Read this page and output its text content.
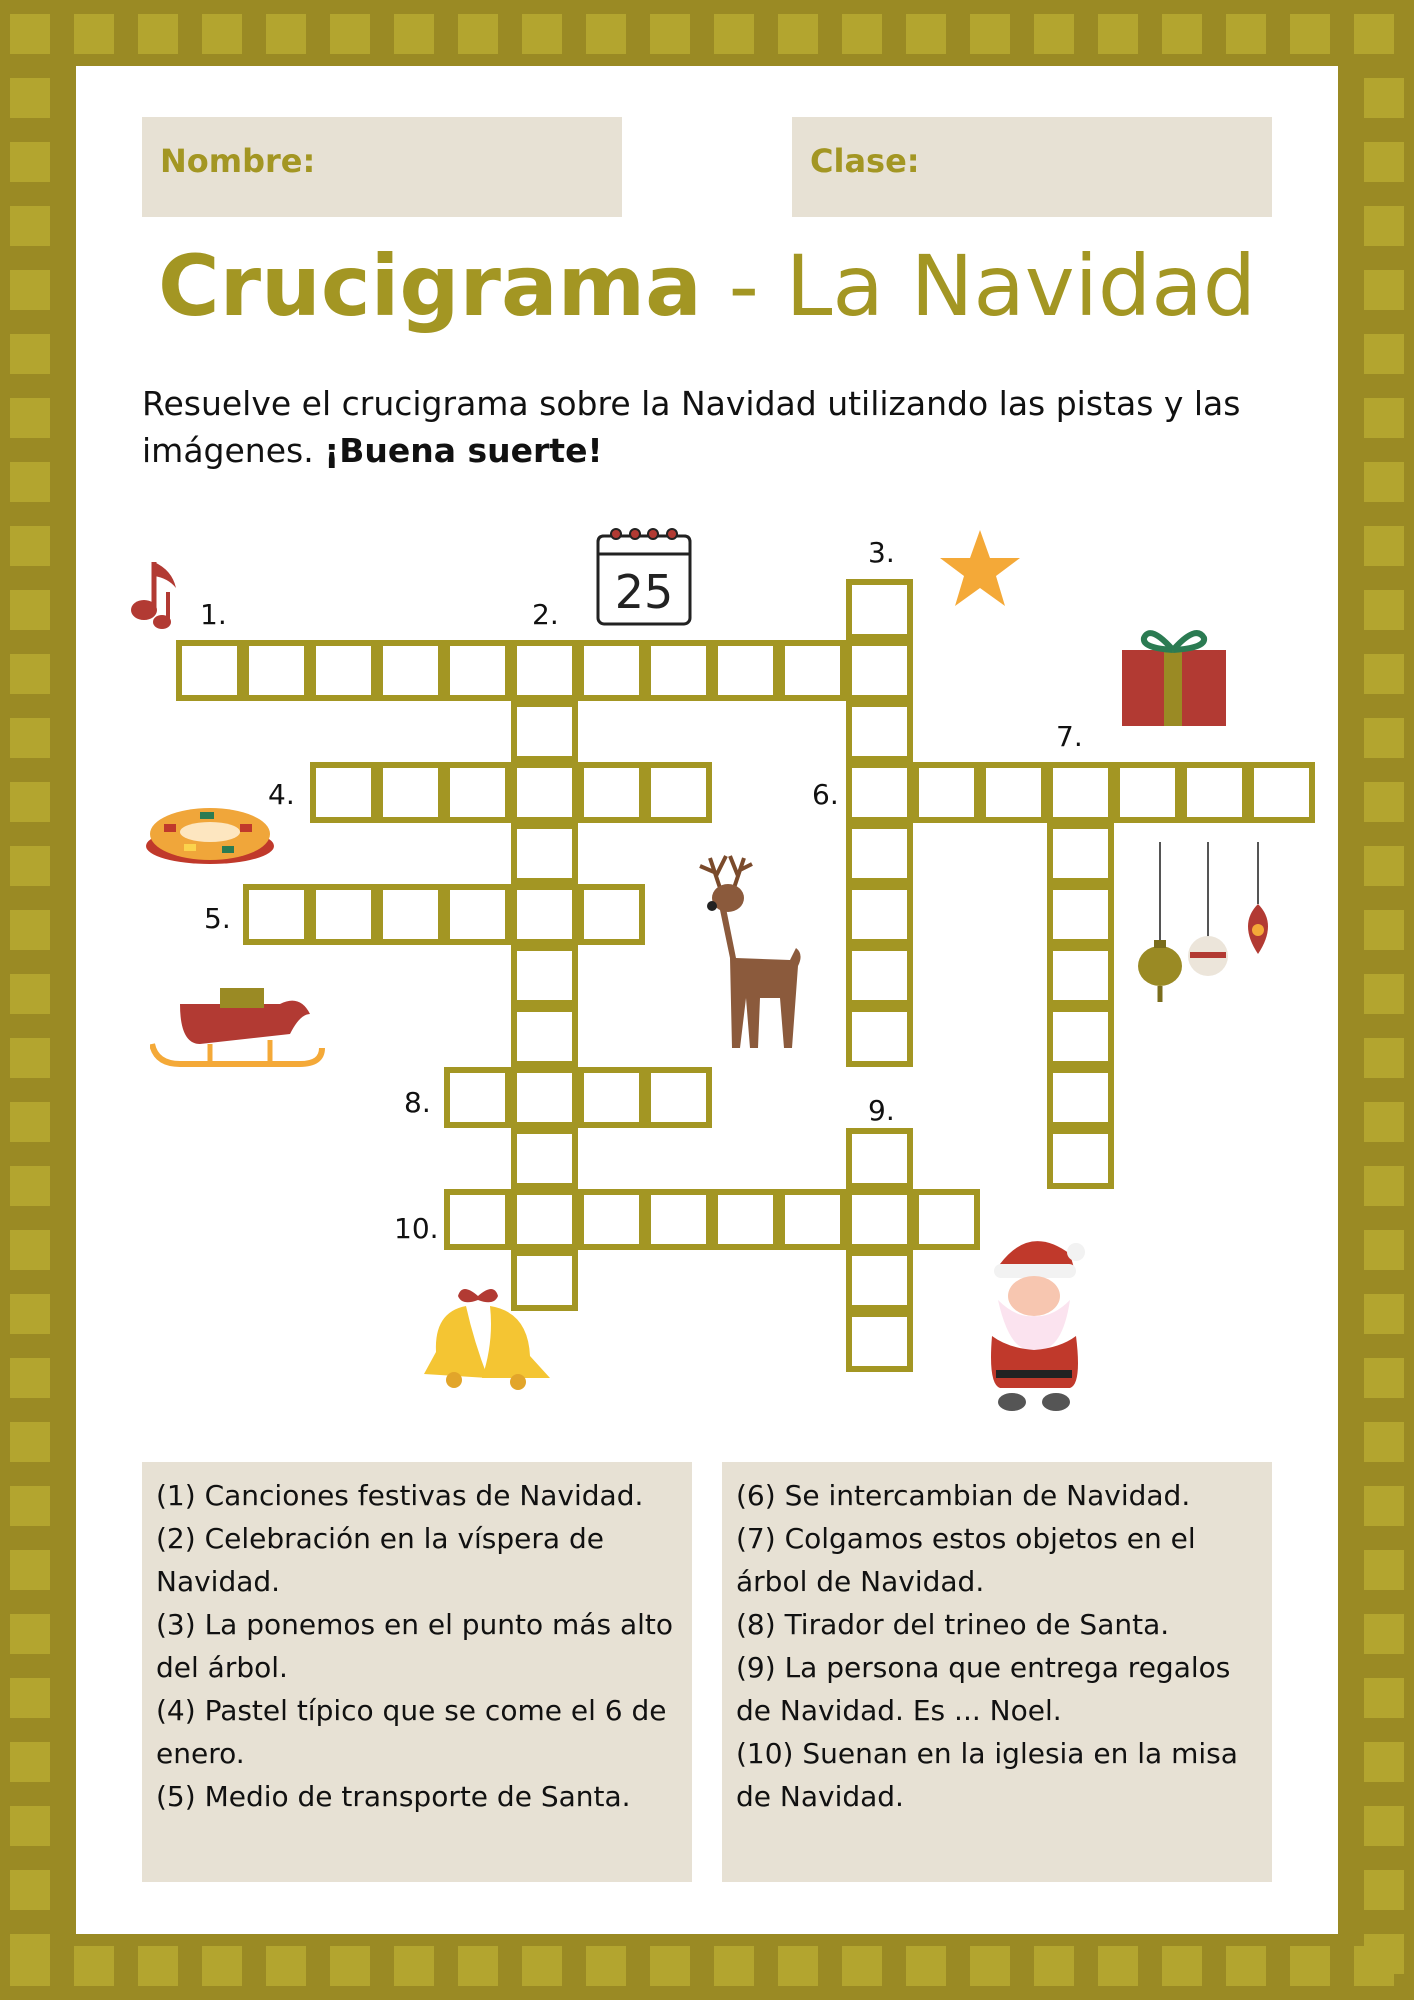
Nombre:	Clase:
Crucigrama - La Navidad
Resuelve el crucigrama sobre la Navidad utilizando las pistas y las imágenes. ¡Buena suerte!
1.	2.
3.
4.
5.
6.
7.
8.	9.
10.
25
(1) Canciones festivas de Navidad.
(2) Celebración en la víspera de Navidad.
(3) La ponemos en el punto más alto del árbol.
(4) Pastel típico que se come el 6 de enero.
(5) Medio de transporte de Santa.
(6) Se intercambian de Navidad.
(7) Colgamos estos objetos en el árbol de Navidad.
(8) Tirador del trineo de Santa.
(9) La persona que entrega regalos de Navidad. Es ... Noel.
(10) Suenan en la iglesia en la misa de Navidad.
